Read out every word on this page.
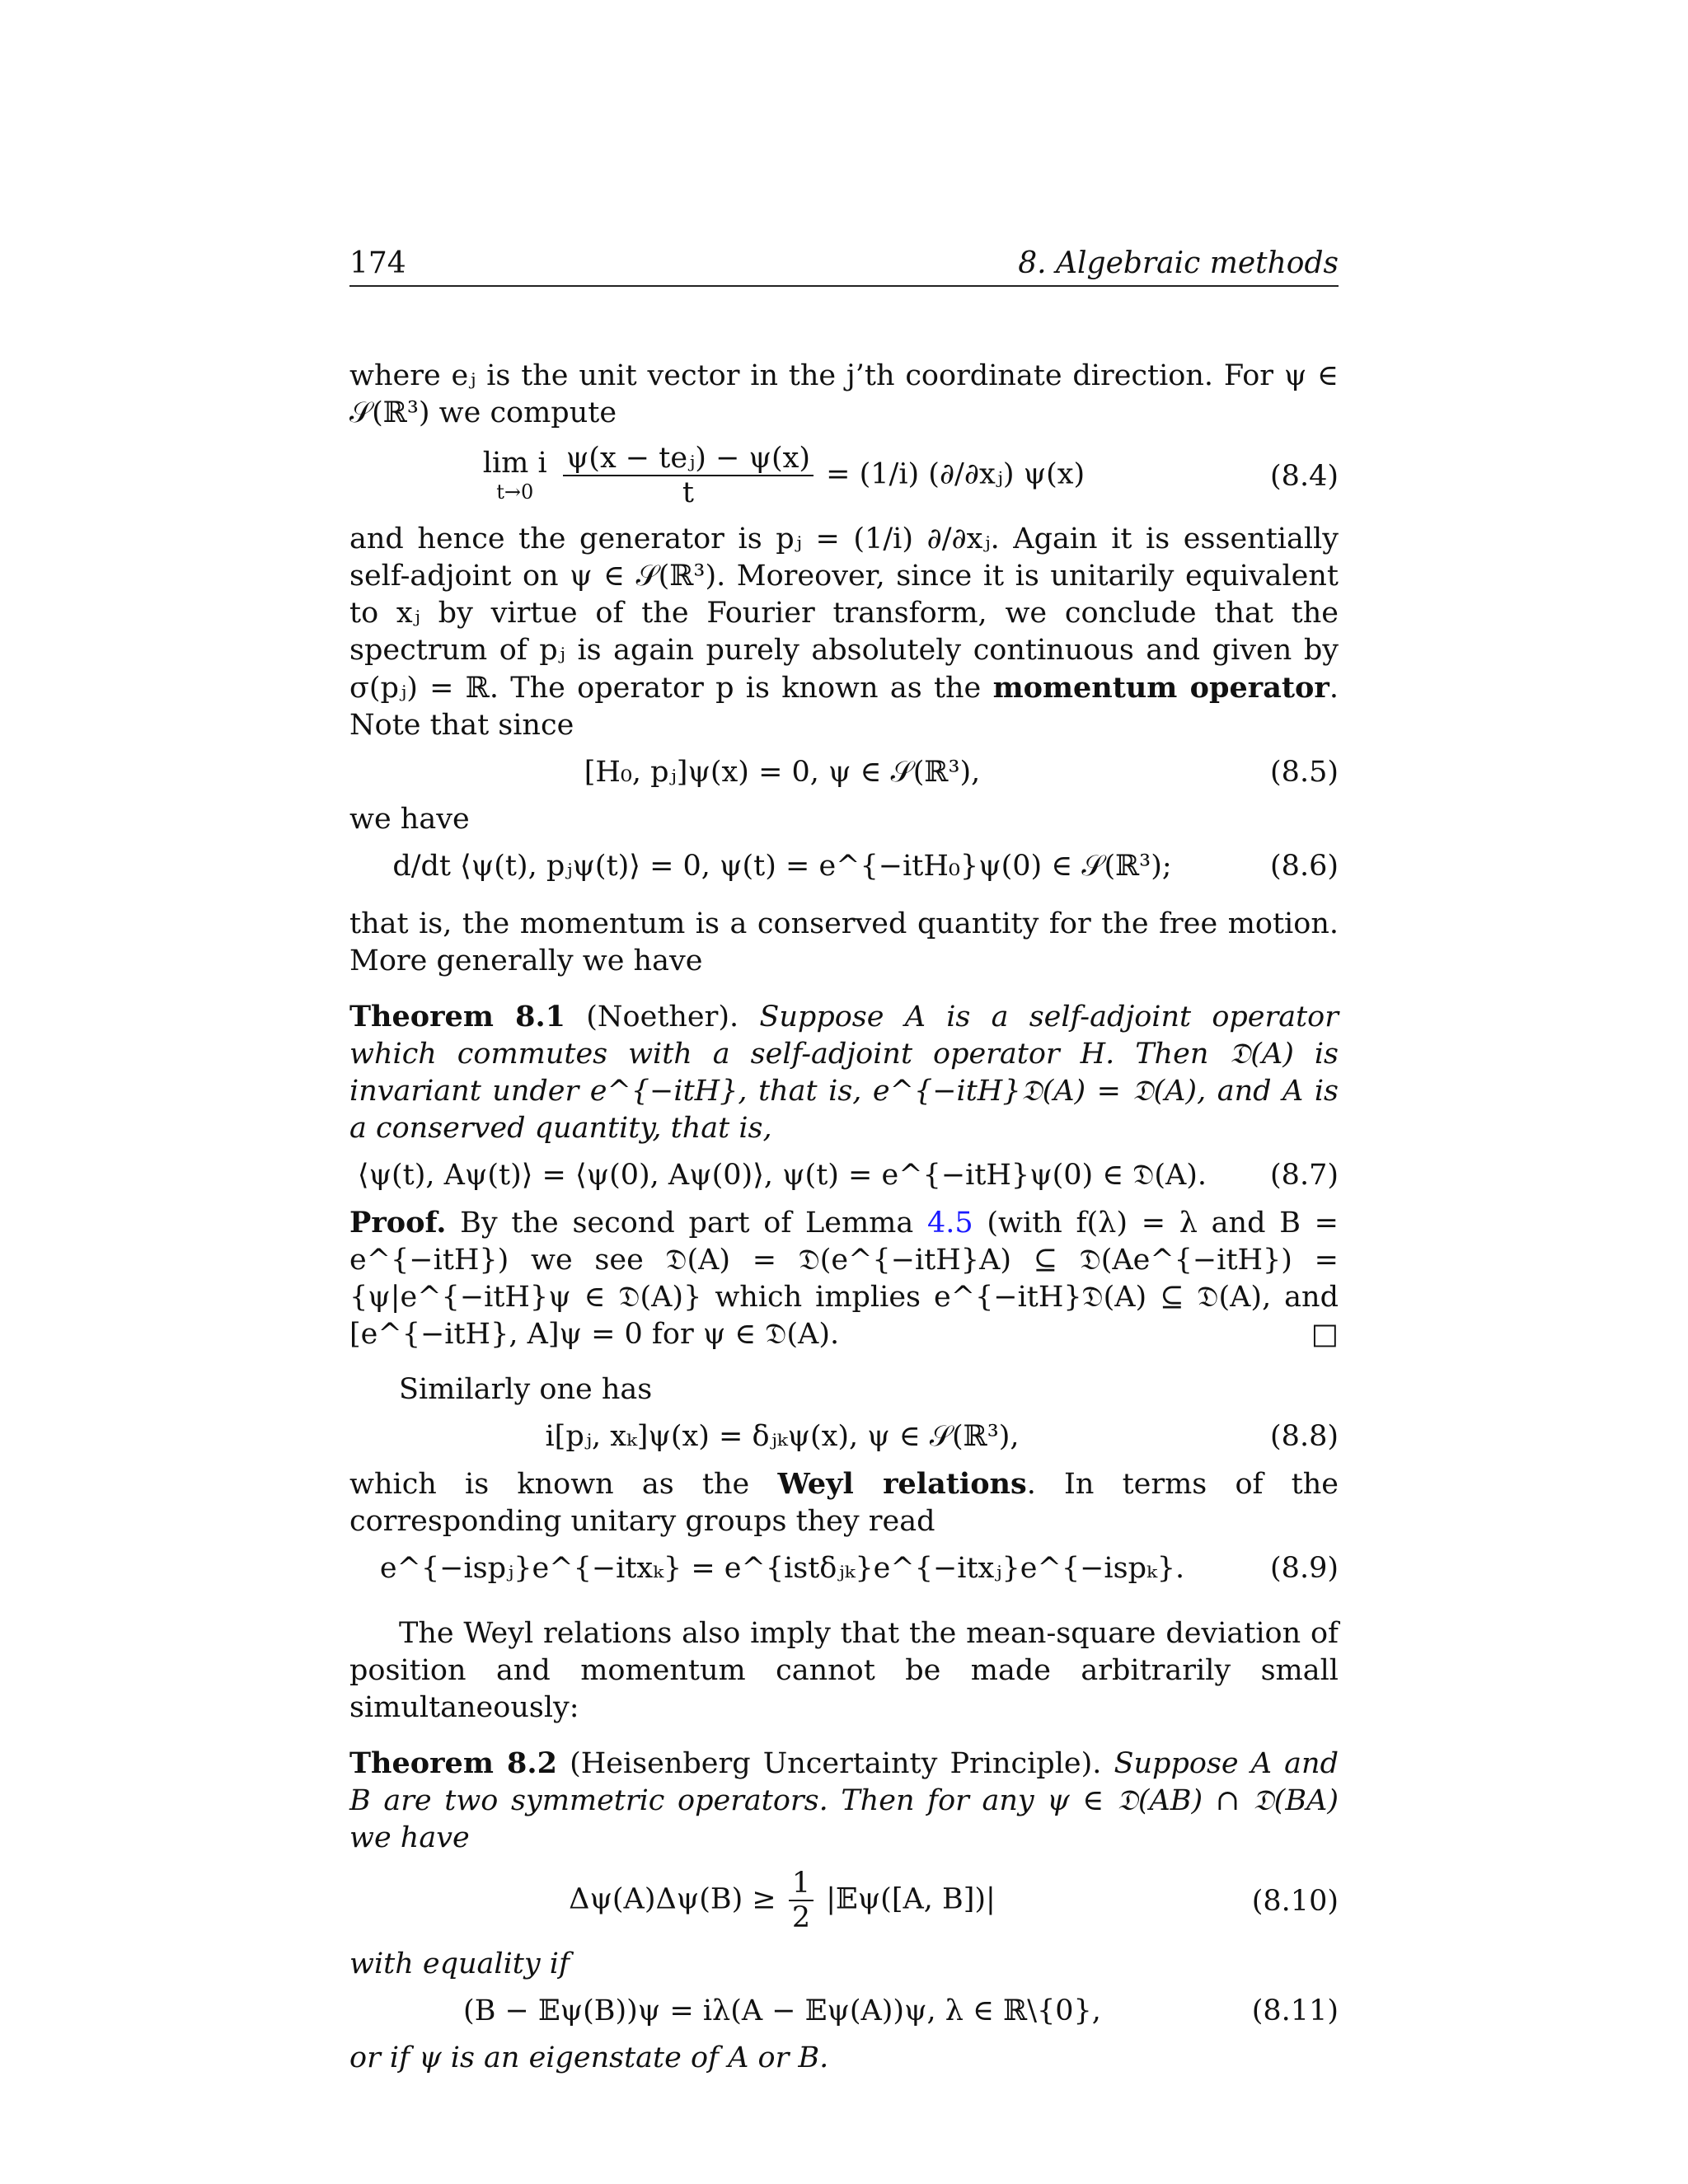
174	8. Algebraic methods

where eⱼ is the unit vector in the j’th coordinate direction. For ψ ∈ 𝒮(ℝ³) we compute

lim i
t→0
	$\frac{\text{ψ(x − teⱼ) − ψ(x)}}{t} = (1/i)$ (∂/∂xⱼ) ψ(x)	(8.4)

and hence the generator is pⱼ = (1/i) ∂/∂xⱼ. Again it is essentially self-adjoint on ψ ∈ 𝒮(ℝ³). Moreover, since it is unitarily equivalent to xⱼ by virtue of the Fourier transform, we conclude that the spectrum of pⱼ is again purely absolutely continuous and given by σ(pⱼ) = ℝ. The operator p is known as the momentum operator. Note that since

[H₀, pⱼ]ψ(x) = 0, ψ ∈ 𝒮(ℝ³),	(8.5)

we have

d/dt ⟨ψ(t), pⱼψ(t)⟩ = 0, ψ(t) = e^{−itH₀}ψ(0) ∈ 𝒮(ℝ³);	(8.6)

that is, the momentum is a conserved quantity for the free motion. More generally we have

Theorem 8.1 (Noether). Suppose A is a self-adjoint operator which commutes with a self-adjoint operator H. Then 𝔇(A) is invariant under e^{−itH}, that is, e^{−itH}𝔇(A) = 𝔇(A), and A is a conserved quantity, that is,

⟨ψ(t), Aψ(t)⟩ = ⟨ψ(0), Aψ(0)⟩, ψ(t) = e^{−itH}ψ(0) ∈ 𝔇(A). (8.7)

Proof. By the second part of Lemma 4.5 (with f(λ) = λ and B = e^{−itH}) we see 𝔇(A) = 𝔇(e^{−itH}A) ⊆ 𝔇(Ae^{−itH}) = {ψ|e^{−itH}ψ ∈ 𝔇(A)} which implies e^{−itH}𝔇(A) ⊆ 𝔇(A), and [e^{−itH}, A]ψ = 0 for ψ ∈ 𝔇(A).	□

Similarly one has

i[pⱼ, xₖ]ψ(x) = δⱼₖψ(x), ψ ∈ 𝒮(ℝ³),	(8.8)

which is known as the Weyl relations. In terms of the corresponding unitary groups they read

e^{−ispⱼ}e^{−itxₖ} = e^{istδⱼₖ}e^{−itxⱼ}e^{−ispₖ}.	(8.9)

The Weyl relations also imply that the mean-square deviation of position and momentum cannot be made arbitrarily small simultaneously:

Theorem 8.2 (Heisenberg Uncertainty Principle). Suppose A and B are two symmetric operators. Then for any ψ ∈ 𝔇(AB) ∩ 𝔇(BA) we have

$\Delta\psi(A)\Delta\psi(B) \ge \frac{1}{2}$ |𝔼ψ([A, B])|	(8.10)

with equality if

(B − 𝔼ψ(B))ψ = iλ(A − 𝔼ψ(A))ψ, λ ∈ ℝ\{0},	(8.11)

or if ψ is an eigenstate of A or B.
